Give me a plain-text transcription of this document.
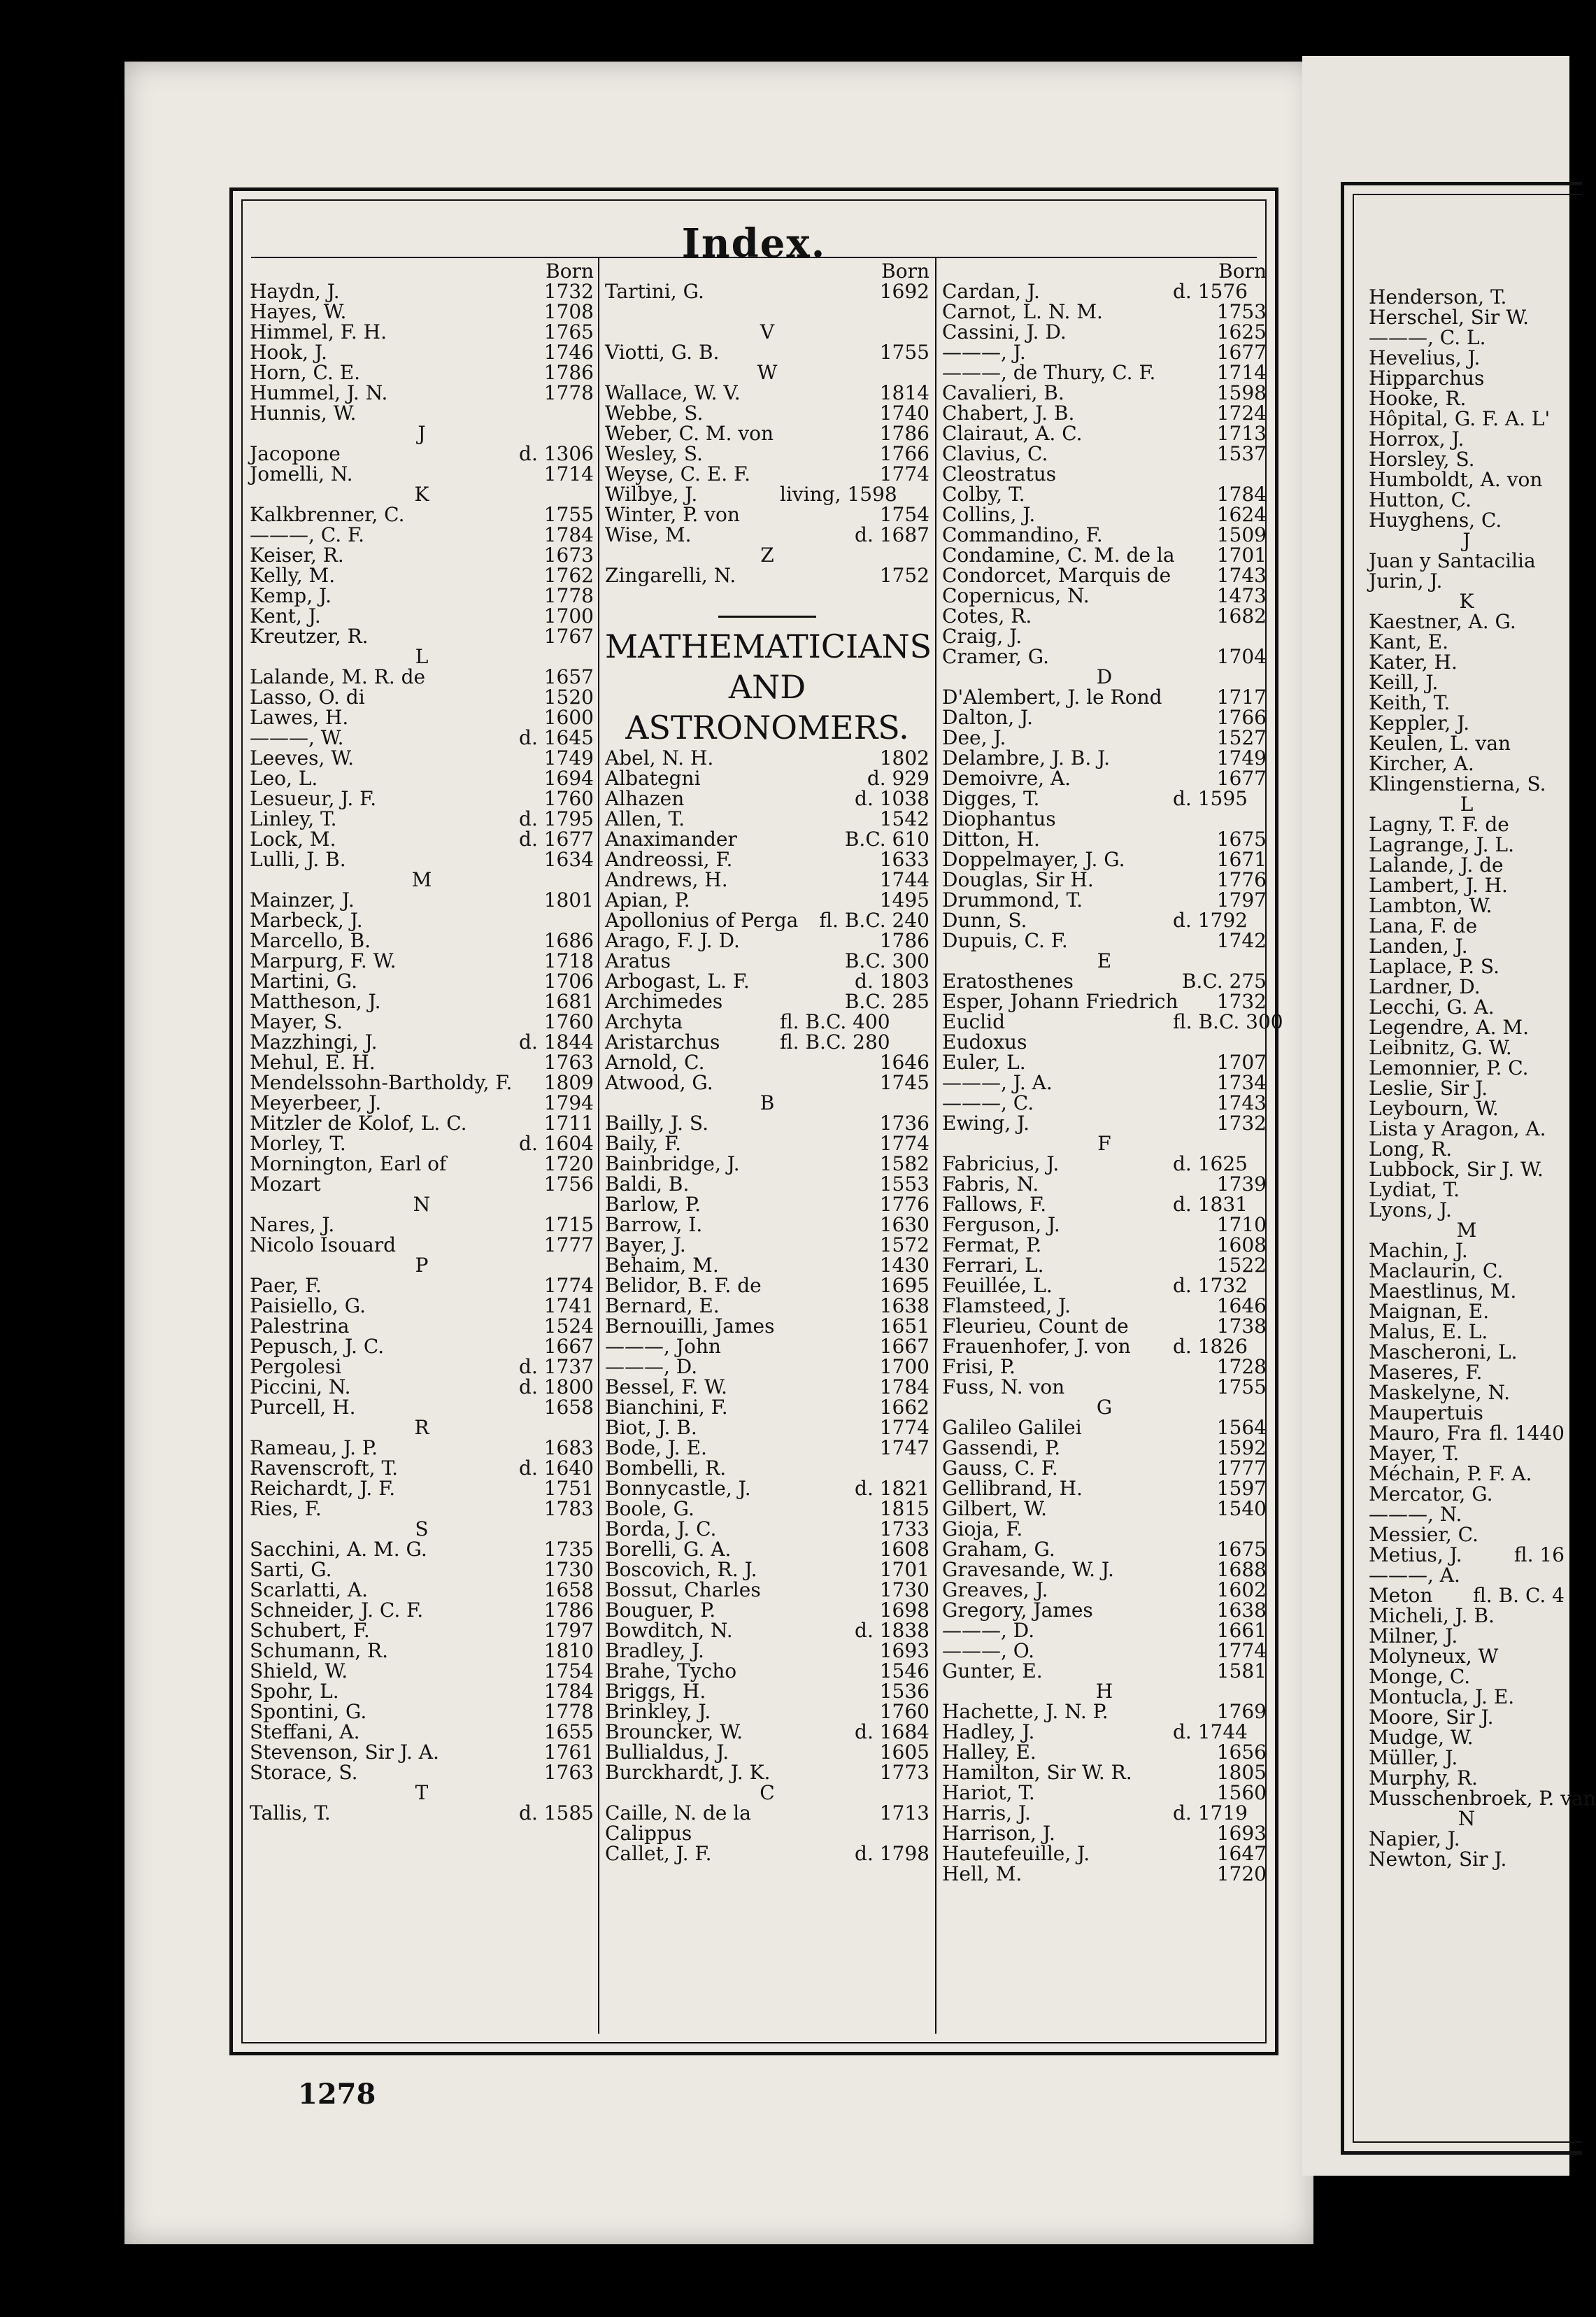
Index.
Born
Haydn, J.	1732
Hayes, W.	1708
Himmel, F. H.	1765
Hook, J.	1746
Horn, C. E.	1786
Hummel, J. N.	1778
Hunnis, W.
J
Jacopone	d. 1306
Jomelli, N.	1714
K
Kalkbrenner, C.	1755
———, C. F.	1784
Keiser, R.	1673
Kelly, M.	1762
Kemp, J.	1778
Kent, J.	1700
Kreutzer, R.	1767
L
Lalande, M. R. de	1657
Lasso, O. di	1520
Lawes, H.	1600
———, W.	d. 1645
Leeves, W.	1749
Leo, L.	1694
Lesueur, J. F.	1760
Linley, T.	d. 1795
Lock, M.	d. 1677
Lulli, J. B.	1634
M
Mainzer, J.	1801
Marbeck, J.
Marcello, B.	1686
Marpurg, F. W.	1718
Martini, G.	1706
Mattheson, J.	1681
Mayer, S.	1760
Mazzhingi, J.	d. 1844
Mehul, E. H.	1763
Mendelssohn-Bartholdy, F. 1809
Meyerbeer, J.	1794
Mitzler de Kolof, L. C.	1711
Morley, T.	d. 1604
Mornington, Earl of	1720
Mozart	1756
N
Nares, J.	1715
Nicolo Isouard	1777
P
Paer, F.	1774
Paisiello, G.	1741
Palestrina	1524
Pepusch, J. C.	1667
Pergolesi	d. 1737
Piccini, N.	d. 1800
Purcell, H.	1658
R
Rameau, J. P.	1683
Ravenscroft, T.	d. 1640
Reichardt, J. F.	1751
Ries, F.	1783
S
Sacchini, A. M. G.	1735
Sarti, G.	1730
Scarlatti, A.	1658
Schneider, J. C. F.	1786
Schubert, F.	1797
Schumann, R.	1810
Shield, W.	1754
Spohr, L.	1784
Spontini, G.	1778
Steffani, A.	1655
Stevenson, Sir J. A.	1761
Storace, S.	1763
T
Tallis, T.	d. 1585
Born
Tartini, G.	1692
V
Viotti, G. B.	1755
W
Wallace, W. V.	1814
Webbe, S.	1740
Weber, C. M. von	1786
Wesley, S.	1766
Weyse, C. E. F.	1774
Wilbye, J.	living, 1598
Winter, P. von	1754
Wise, M.	d. 1687
Z
Zingarelli, N.	1752
MATHEMATICIANS
AND
ASTRONOMERS.
Abel, N. H.	1802
Albategni	d. 929
Alhazen	d. 1038
Allen, T.	1542
Anaximander	B.C. 610
Andreossi, F.	1633
Andrews, H.	1744
Apian, P.	1495
Apollonius of Perga fl. B.C. 240
Arago, F. J. D.	1786
Aratus	B.C. 300
Arbogast, L. F.	d. 1803
Archimedes	B.C. 285
Archyta	fl. B.C. 400
Aristarchus	fl. B.C. 280
Arnold, C.	1646
Atwood, G.	1745
B
Bailly, J. S.	1736
Baily, F.	1774
Bainbridge, J.	1582
Baldi, B.	1553
Barlow, P.	1776
Barrow, I.	1630
Bayer, J.	1572
Behaim, M.	1430
Belidor, B. F. de	1695
Bernard, E.	1638
Bernouilli, James	1651
———, John	1667
———, D.	1700
Bessel, F. W.	1784
Bianchini, F.	1662
Biot, J. B.	1774
Bode, J. E.	1747
Bombelli, R.
Bonnycastle, J.	d. 1821
Boole, G.	1815
Borda, J. C.	1733
Borelli, G. A.	1608
Boscovich, R. J.	1701
Bossut, Charles	1730
Bouguer, P.	1698
Bowditch, N.	d. 1838
Bradley, J.	1693
Brahe, Tycho	1546
Briggs, H.	1536
Brinkley, J.	1760
Brouncker, W.	d. 1684
Bullialdus, J.	1605
Burckhardt, J. K.	1773
C
Caille, N. de la	1713
Calippus
Callet, J. F.	d. 1798
Born
Cardan, J.	d. 1576
Carnot, L. N. M.	1753
Cassini, J. D.	1625
———, J.	1677
———, de Thury, C. F.	1714
Cavalieri, B.	1598
Chabert, J. B.	1724
Clairaut, A. C.	1713
Clavius, C.	1537
Cleostratus
Colby, T.	1784
Collins, J.	1624
Commandino, F.	1509
Condamine, C. M. de la 1701
Condorcet, Marquis de 1743
Copernicus, N.	1473
Cotes, R.	1682
Craig, J.
Cramer, G.	1704
D
D'Alembert, J. le Rond	1717
Dalton, J.	1766
Dee, J.	1527
Delambre, J. B. J.	1749
Demoivre, A.	1677
Digges, T.	d. 1595
Diophantus
Ditton, H.	1675
Doppelmayer, J. G.	1671
Douglas, Sir H.	1776
Drummond, T.	1797
Dunn, S.	d. 1792
Dupuis, C. F.	1742
E
Eratosthenes	B.C. 275
Esper, Johann Friedrich 1732
Euclid	fl. B.C. 300
Eudoxus
Euler, L.	1707
———, J. A.	1734
———, C.	1743
Ewing, J.	1732
F
Fabricius, J.	d. 1625
Fabris, N.	1739
Fallows, F.	d. 1831
Ferguson, J.	1710
Fermat, P.	1608
Ferrari, L.	1522
Feuillée, L.	d. 1732
Flamsteed, J.	1646
Fleurieu, Count de	1738
Frauenhofer, J. von d. 1826
Frisi, P.	1728
Fuss, N. von	1755
G
Galileo Galilei	1564
Gassendi, P.	1592
Gauss, C. F.	1777
Gellibrand, H.	1597
Gilbert, W.	1540
Gioja, F.
Graham, G.	1675
Gravesande, W. J.	1688
Greaves, J.	1602
Gregory, James	1638
———, D.	1661
———, O.	1774
Gunter, E.	1581
H
Hachette, J. N. P.	1769
Hadley, J.	d. 1744
Halley, E.	1656
Hamilton, Sir W. R.	1805
Hariot, T.	1560
Harris, J.	d. 1719
Harrison, J.	1693
Hautefeuille, J.	1647
Hell, M.	1720
1278
Henderson, T.
Herschel, Sir W.
———, C. L.
Hevelius, J.
Hipparchus
Hooke, R.
Hôpital, G. F. A. L'
Horrox, J.
Horsley, S.
Humboldt, A. von
Hutton, C.
Huyghens, C.
J
Juan y Santacilia
Jurin, J.
K
Kaestner, A. G.
Kant, E.
Kater, H.
Keill, J.
Keith, T.
Keppler, J.
Keulen, L. van
Kircher, A.
Klingenstierna, S.
L
Lagny, T. F. de
Lagrange, J. L.
Lalande, J. de
Lambert, J. H.
Lambton, W.
Lana, F. de
Landen, J.
Laplace, P. S.
Lardner, D.
Lecchi, G. A.
Legendre, A. M.
Leibnitz, G. W.
Lemonnier, P. C.
Leslie, Sir J.
Leybourn, W.
Lista y Aragon, A.
Long, R.
Lubbock, Sir J. W.
Lydiat, T.
Lyons, J.
M
Machin, J.
Maclaurin, C.
Maestlinus, M.
Maignan, E.
Malus, E. L.
Mascheroni, L.
Maseres, F.
Maskelyne, N.
Maupertuis
Mauro, Fra fl. 1440
Mayer, T.
Méchain, P. F. A.
Mercator, G.
———, N.
Messier, C.
Metius, J.	fl. 16
———, A.
Meton fl. B. C. 4
Micheli, J. B.
Milner, J.
Molyneux, W
Monge, C.
Montucla, J. E.
Moore, Sir J.
Mudge, W.
Müller, J.
Murphy, R.
Musschenbroek, P. van
N
Napier, J.
Newton, Sir J.
